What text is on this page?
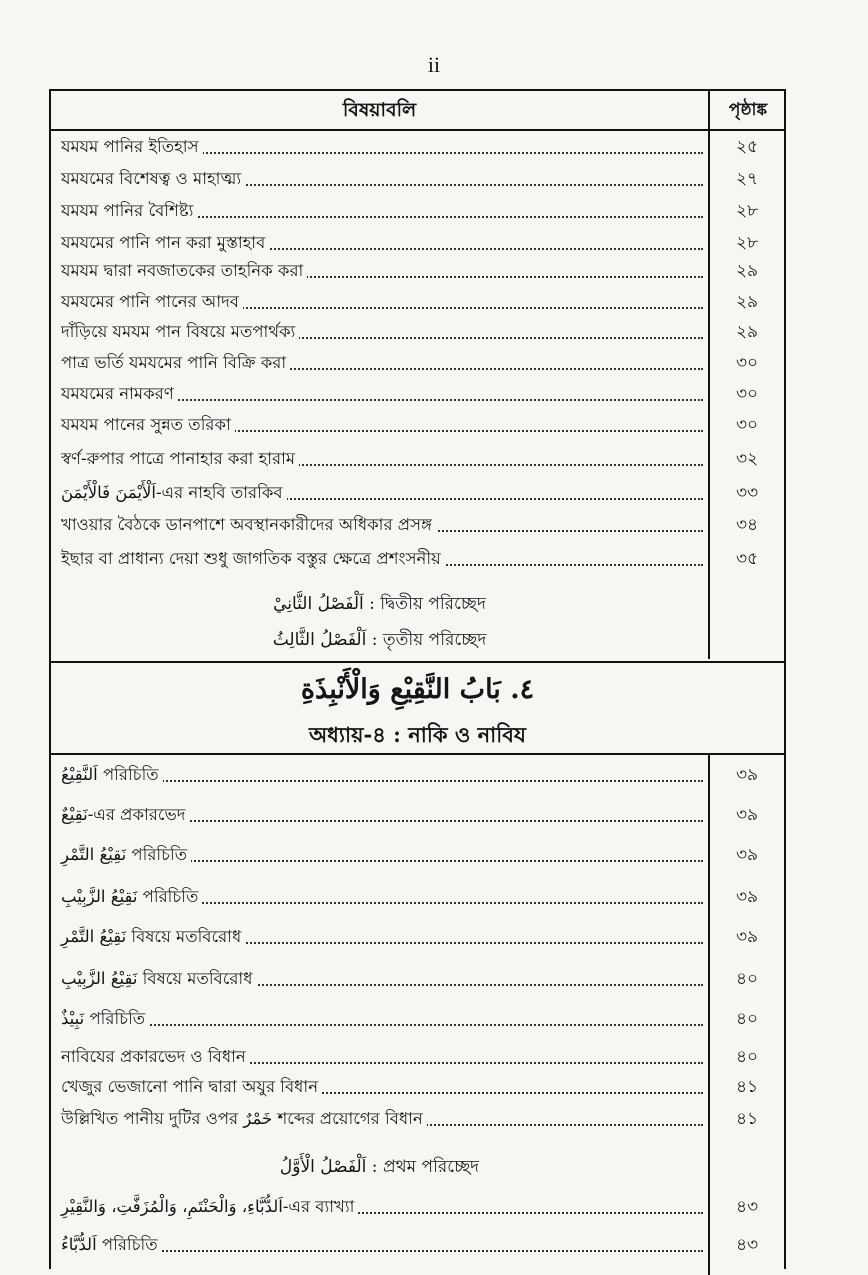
ii
বিষয়াবলি	পৃষ্ঠাঙ্ক
যমযম পানির ইতিহাস	২৫
যমযমের বিশেষত্ব ও মাহাত্ম্য	২৭
যমযম পানির বৈশিষ্ট্য	২৮
যমযমের পানি পান করা মুস্তাহাব	২৮
যমযম দ্বারা নবজাতকের তাহনিক করা	২৯
যমযমের পানি পানের আদব	২৯
দাঁড়িয়ে যমযম পান বিষয়ে মতপার্থক্য	২৯
পাত্র ভর্তি যমযমের পানি বিক্রি করা	৩০
যমযমের নামকরণ	৩০
যমযম পানের সুন্নত তরিকা	৩০
স্বর্ণ-রুপার পাত্রে পানাহার করা হারাম	৩২
اَلْأَيْمَنَ فَالْأَيْمَنَ-এর নাহবি তারকিব	৩৩
খাওয়ার বৈঠকে ডানপাশে অবস্থানকারীদের অধিকার প্রসঙ্গ	৩৪
ইছার বা প্রাধান্য দেয়া শুধু জাগতিক বস্তুর ক্ষেত্রে প্রশংসনীয়	৩৫
اَلْفَصْلُ الثَّانِيْ : দ্বিতীয় পরিচ্ছেদ
اَلْفَصْلُ الثَّالِثُ : তৃতীয় পরিচ্ছেদ
٤. بَابُ النَّقِيْعِ وَالْأَنْبِذَةِ
অধ্যায়-৪ : নাকি ও নাবিয
اَلنَّقِيْعُ পরিচিতি	৩৯
نَقِيْعٌ-এর প্রকারভেদ	৩৯
نَقِيْعُ التَّمْرِ পরিচিতি	৩৯
نَقِيْعُ الزَّبِيْبِ পরিচিতি	৩৯
نَقِيْعُ التَّمْرِ বিষয়ে মতবিরোধ	৩৯
نَقِيْعُ الزَّبِيْبِ বিষয়ে মতবিরোধ	৪০
نَبِيْذٌ পরিচিতি	৪০
নাবিযের প্রকারভেদ ও বিধান	৪০
খেজুর ভেজানো পানি দ্বারা অযুর বিধান	৪১
উল্লিখিত পানীয় দুটির ওপর خَمْرٌ শব্দের প্রয়োগের বিধান	৪১
اَلْفَصْلُ الْأَوَّلُ : প্রথম পরিচ্ছেদ
اَلدُّبَّاءِ، وَالْحَنْتَمِ، وَالْمُزَفَّتِ، وَالنَّقِيْرِ-এর ব্যাখ্যা	৪৩
اَلدُّبَّاءُ পরিচিতি	৪৩
